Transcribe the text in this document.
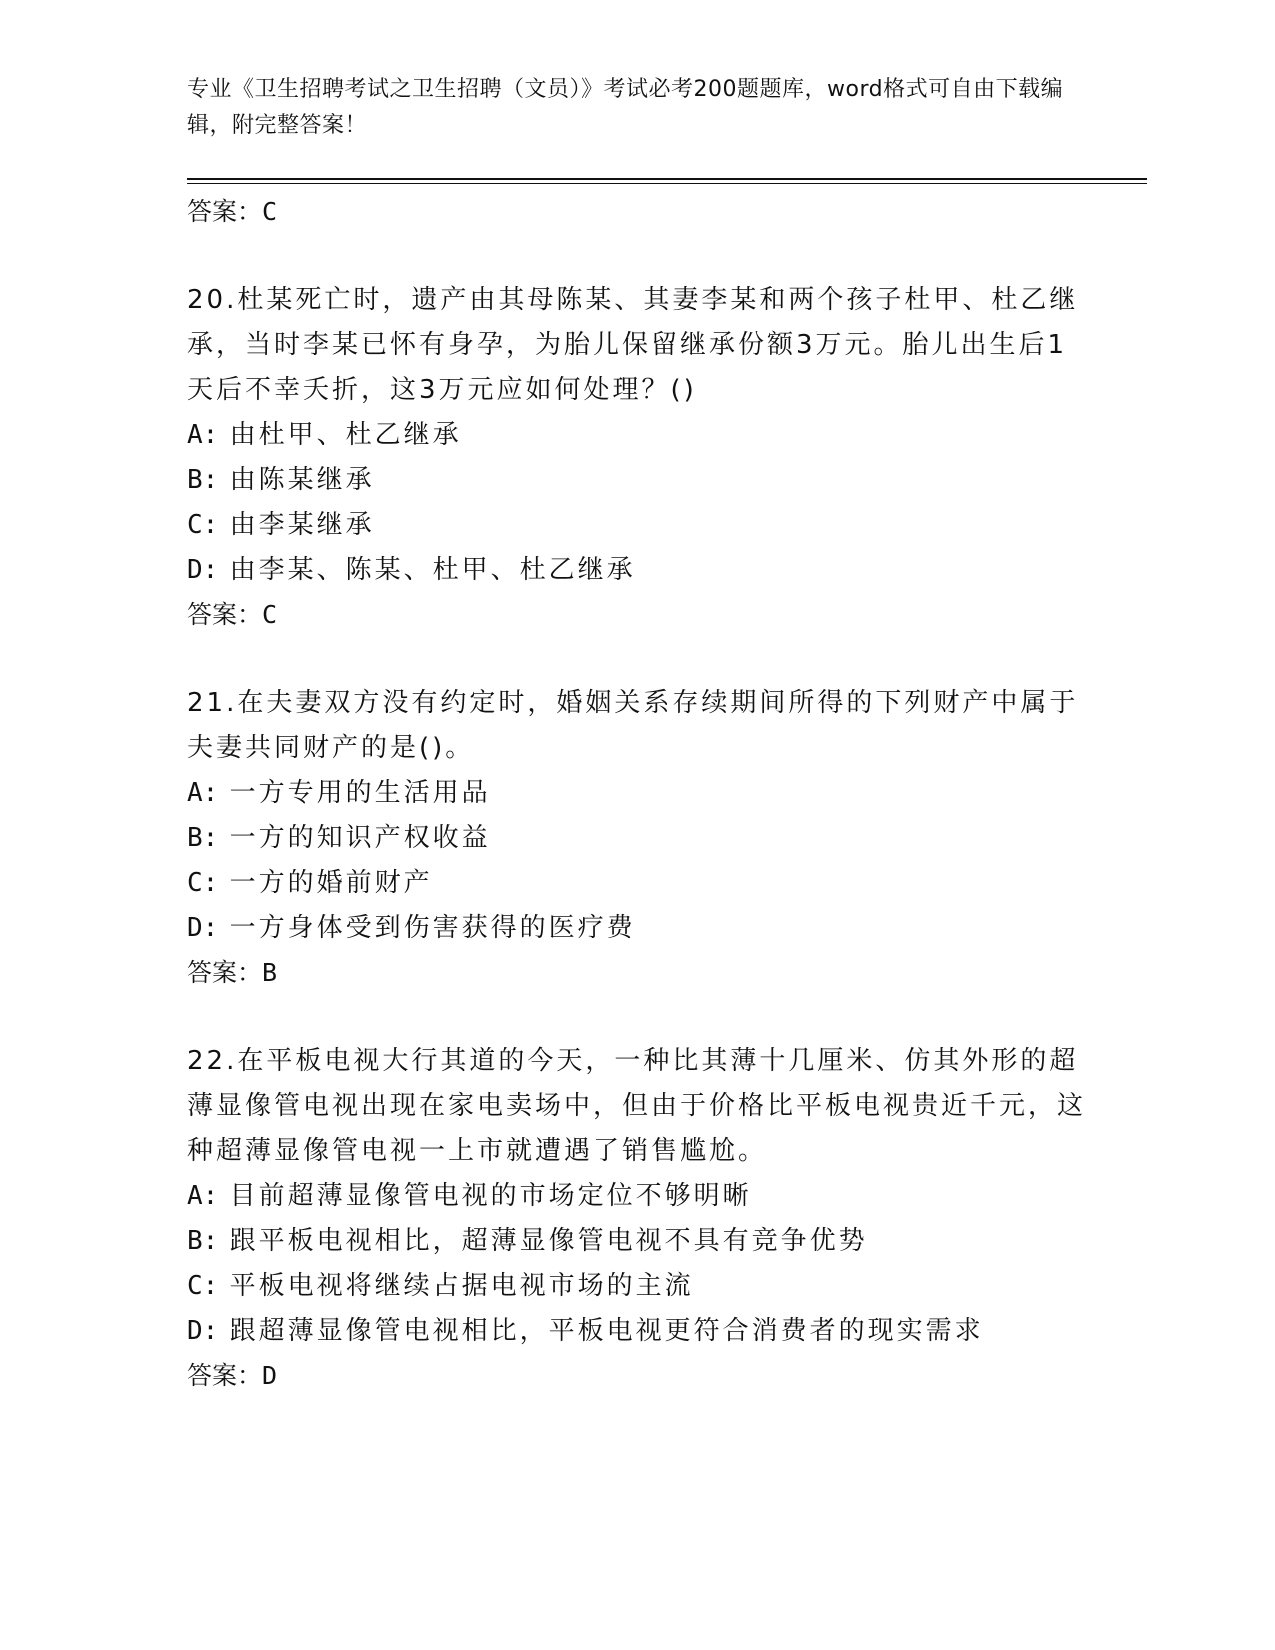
专业《卫生招聘考试之卫生招聘（文员）》考试必考200题题库，word格式可自由下载编辑，附完整答案！

答案：C

20.杜某死亡时，遗产由其母陈某、其妻李某和两个孩子杜甲、杜乙继承，当时李某已怀有身孕，为胎儿保留继承份额3万元。胎儿出生后1天后不幸夭折，这3万元应如何处理？()

A: 由杜甲、杜乙继承

B: 由陈某继承

C: 由李某继承

D: 由李某、陈某、杜甲、杜乙继承

答案：C

21.在夫妻双方没有约定时，婚姻关系存续期间所得的下列财产中属于夫妻共同财产的是()。

A: 一方专用的生活用品

B: 一方的知识产权收益

C: 一方的婚前财产

D: 一方身体受到伤害获得的医疗费

答案：B

22.在平板电视大行其道的今天，一种比其薄十几厘米、仿其外形的超薄显像管电视出现在家电卖场中，但由于价格比平板电视贵近千元，这种超薄显像管电视一上市就遭遇了销售尴尬。

A: 目前超薄显像管电视的市场定位不够明晰

B: 跟平板电视相比，超薄显像管电视不具有竞争优势

C: 平板电视将继续占据电视市场的主流

D: 跟超薄显像管电视相比，平板电视更符合消费者的现实需求

答案：D
